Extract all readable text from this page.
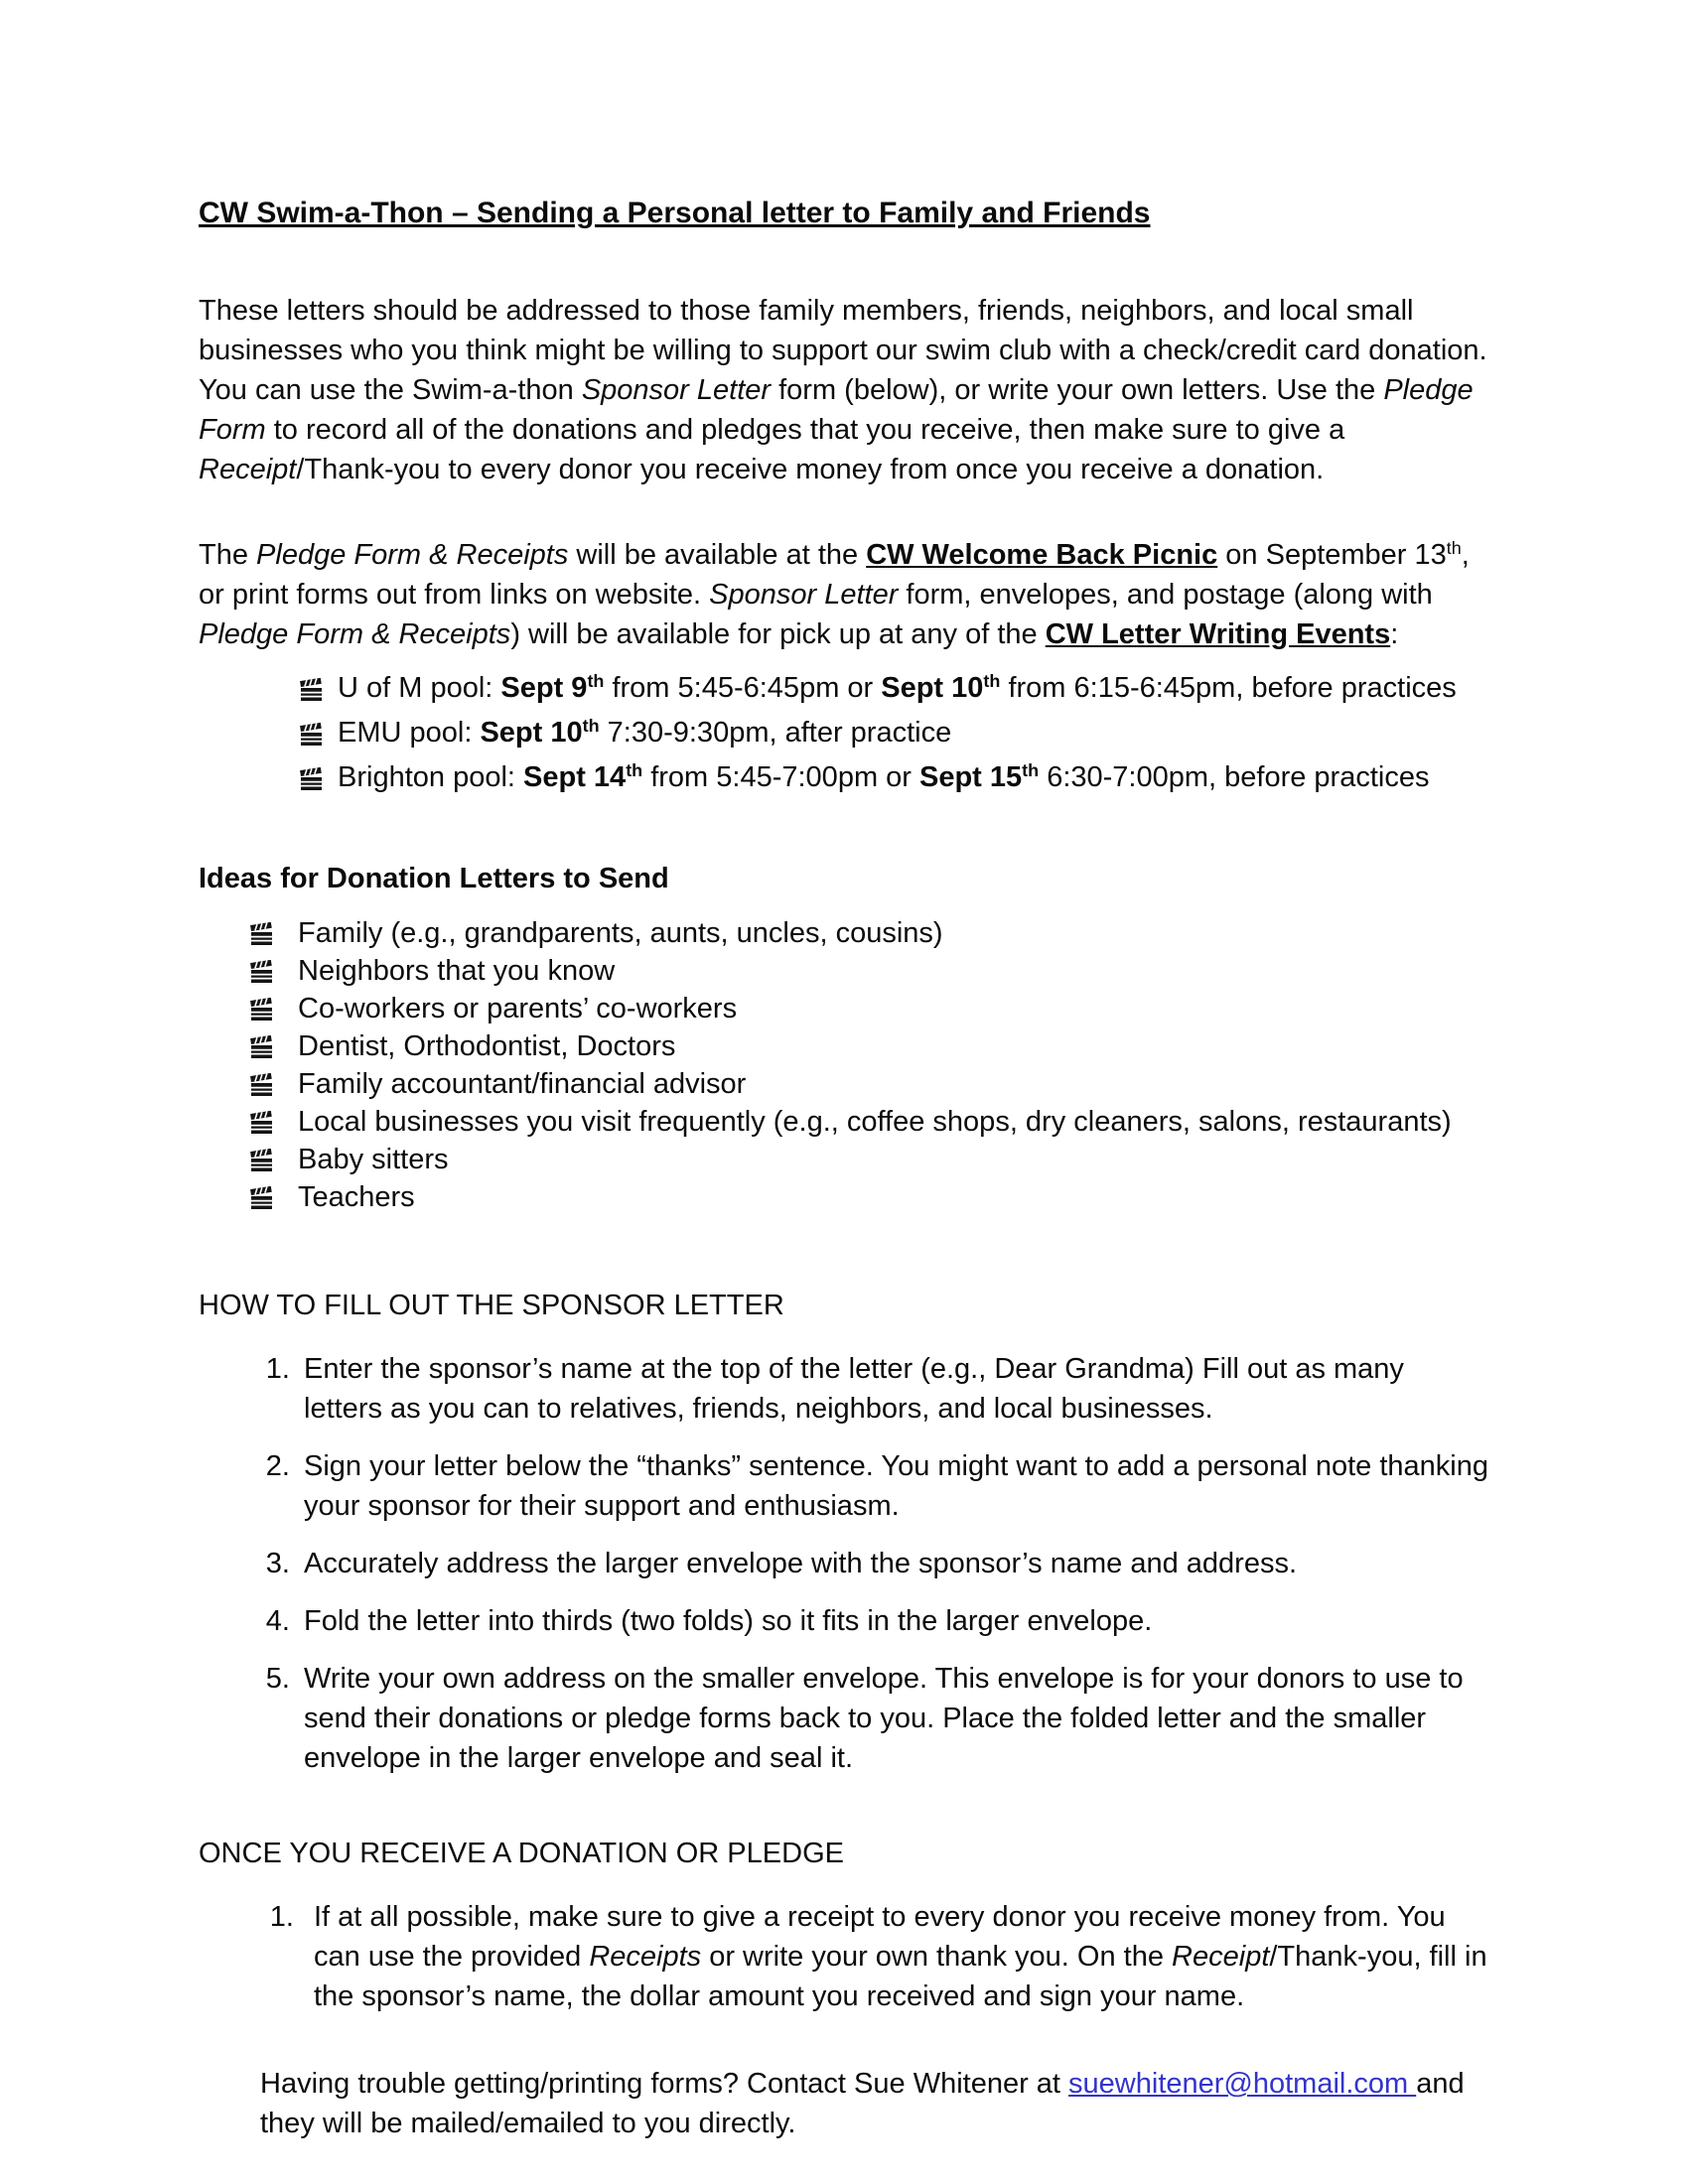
CW Swim-a-Thon – Sending a Personal letter to Family and Friends

These letters should be addressed to those family members, friends, neighbors, and local small businesses who you think might be willing to support our swim club with a check/credit card donation. You can use the Swim-a-thon Sponsor Letter form (below), or write your own letters. Use the Pledge Form to record all of the donations and pledges that you receive, then make sure to give a Receipt/Thank-you to every donor you receive money from once you receive a donation.

The Pledge Form & Receipts will be available at the CW Welcome Back Picnic on September 13th, or print forms out from links on website. Sponsor Letter form, envelopes, and postage (along with Pledge Form & Receipts) will be available for pick up at any of the CW Letter Writing Events:

U of M pool: Sept 9th from 5:45-6:45pm or Sept 10th from 6:15-6:45pm, before practices
EMU pool: Sept 10th 7:30-9:30pm, after practice
Brighton pool: Sept 14th from 5:45-7:00pm or Sept 15th 6:30-7:00pm, before practices
Ideas for Donation Letters to Send
Family (e.g., grandparents, aunts, uncles, cousins)
Neighbors that you know
Co-workers or parents’ co-workers
Dentist, Orthodontist, Doctors
Family accountant/financial advisor
Local businesses you visit frequently (e.g., coffee shops, dry cleaners, salons, restaurants)
Baby sitters
Teachers
HOW TO FILL OUT THE SPONSOR LETTER
1. Enter the sponsor’s name at the top of the letter (e.g., Dear Grandma) Fill out as many letters as you can to relatives, friends, neighbors, and local businesses.
2. Sign your letter below the “thanks” sentence. You might want to add a personal note thanking your sponsor for their support and enthusiasm.
3. Accurately address the larger envelope with the sponsor’s name and address.
4. Fold the letter into thirds (two folds) so it fits in the larger envelope.
5. Write your own address on the smaller envelope. This envelope is for your donors to use to send their donations or pledge forms back to you. Place the folded letter and the smaller envelope in the larger envelope and seal it.
ONCE YOU RECEIVE A DONATION OR PLEDGE
1. If at all possible, make sure to give a receipt to every donor you receive money from. You can use the provided Receipts or write your own thank you. On the Receipt/Thank-you, fill in the sponsor’s name, the dollar amount you received and sign your name.

Having trouble getting/printing forms? Contact Sue Whitener at suewhitener@hotmail.com and they will be mailed/emailed to you directly.
